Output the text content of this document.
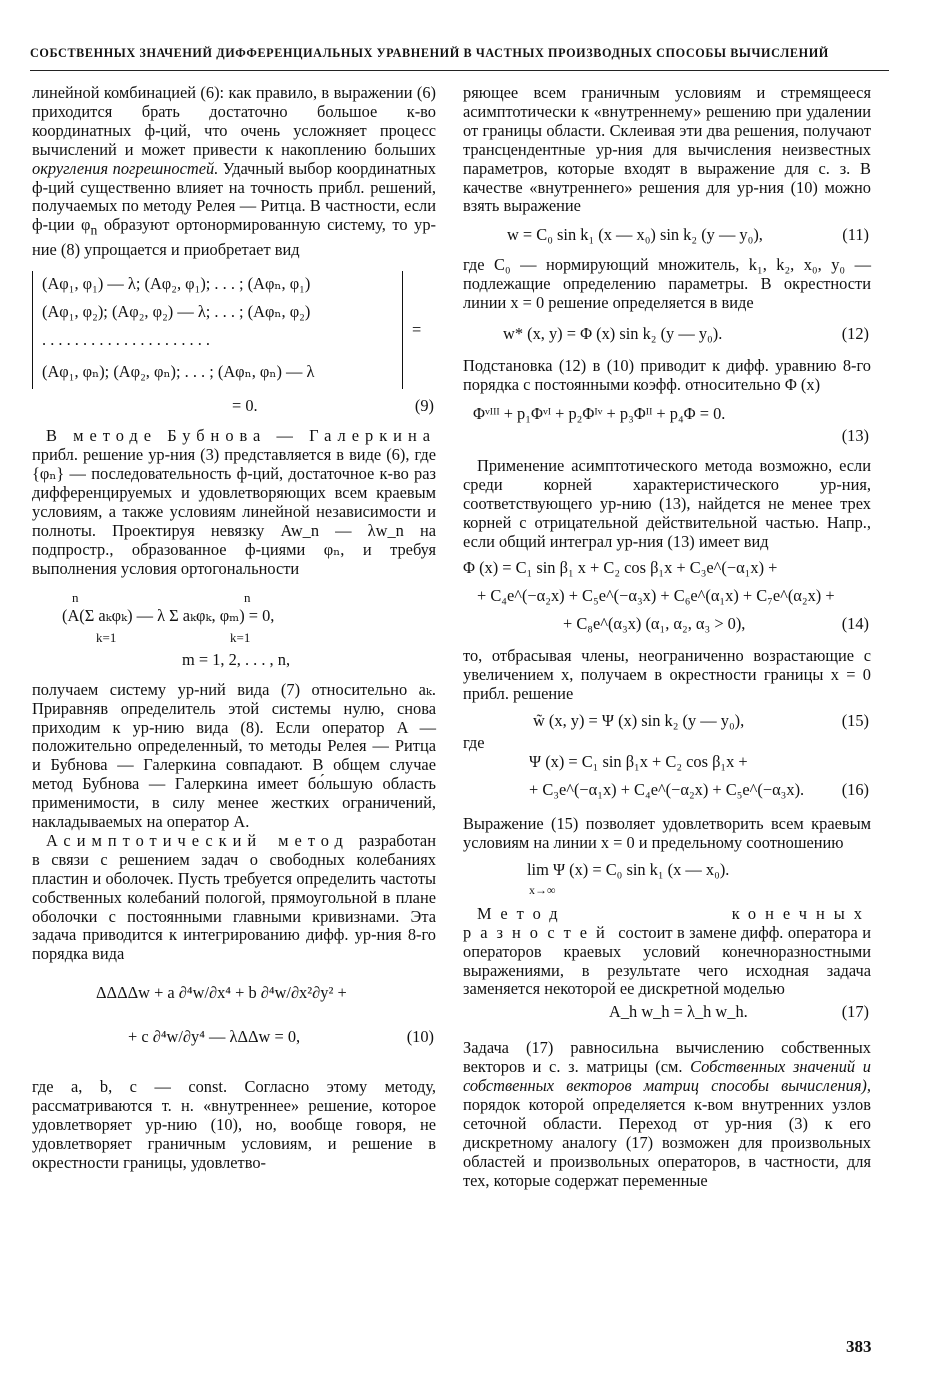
СОБСТВЕННЫХ ЗНАЧЕНИЙ ДИФФЕРЕНЦИАЛЬНЫХ УРАВНЕНИЙ В ЧАСТНЫХ ПРОИЗВОДНЫХ СПОСОБЫ ВЫЧИСЛЕНИЙ

линейной комбинацией (6): как правило, в выражении (6) приходится брать достаточно большое к-во координатных ф-ций, что очень усложняет процесс вычислений и может привести к накоплению больших округления погрешностей. Удачный выбор координатных ф-ций существенно влияет на точность прибл. решений, получаемых по методу Релея — Ритца. В частности, если ф-ции $\varphi_n$ образуют ортонормированную систему, то ур-ние (8) упрощается и приобретает вид

(Aφ₁, φ₁) — λ; (Aφ₂, φ₁); . . . ; (Aφₙ, φ₁)
(Aφ₁, φ₂); (Aφ₂, φ₂) — λ; . . . ; (Aφₙ, φ₂)
. . . . . . . . . . . . . . . . . . . . .
(Aφ₁, φₙ); (Aφ₂, φₙ); . . . ; (Aφₙ, φₙ) — λ
=
= 0.	(9)

В методе Бубнова — Галеркина прибл. решение ур-ния (3) представляется в виде (6), где {φₙ} — последовательность ф-ций, достаточное к-во раз дифференцируемых и удовлетворяющих всем краевым условиям, а также условиям линейной независимости и полноты. Проектируя невязку Aw_n — λw_n на подпростр., образованное ф-циями φₙ, и требуя выполнения условия ортогональности

n	n
(A(Σ aₖφₖ) — λ Σ aₖφₖ, φₘ) = 0,
k=1	k=1
m = 1, 2, . . . , n,

получаем систему ур-ний вида (7) относительно aₖ. Приравняв определитель этой системы нулю, снова приходим к ур-нию вида (8). Если оператор A — положительно определенный, то методы Релея — Ритца и Бубнова — Галеркина совпадают. В общем случае метод Бубнова — Галеркина имеет бо́льшую область применимости, в силу менее жестких ограничений, накладываемых на оператор A.

Асимптотический метод разработан в связи с решением задач о свободных колебаниях пластин и оболочек. Пусть требуется определить частоты собственных колебаний пологой, прямоугольной в плане оболочки с постоянными главными кривизнами. Эта задача приводится к интегрированию дифф. ур-ния 8-го порядка вида

ΔΔΔΔw + a ∂⁴w/∂x⁴ + b ∂⁴w/∂x²∂y² +
+ c ∂⁴w/∂y⁴ — λΔΔw = 0,	(10)

где a, b, c — const. Согласно этому методу, рассматриваются т. н. «внутреннее» решение, которое удовлетворяет ур-нию (10), но, вообще говоря, не удовлетворяет граничным условиям, и решение в окрестности границы, удовлетво-

ряющее всем граничным условиям и стремящееся асимптотически к «внутреннему» решению при удалении от границы области. Склеивая эти два решения, получают трансцендентные ур-ния для вычисления неизвестных параметров, которые входят в выражение для с. з. В качестве «внутреннего» решения для ур-ния (10) можно взять выражение

w = C₀ sin k₁ (x — x₀) sin k₂ (y — y₀),	(11)

где C₀ — нормирующий множитель, k₁, k₂, x₀, y₀ — подлежащие определению параметры. В окрестности линии x = 0 решение определяется в виде

w* (x, y) = Φ (x) sin k₂ (y — y₀).	(12)

Подстановка (12) в (10) приводит к дифф. уравнию 8-го порядка с постоянными коэфф. относительно Φ (x)

Φᵛᴵᴵᴵ + p₁Φᵛᴵ + p₂Φᴵᵛ + p₃Φᴵᴵ + p₄Φ = 0.
(13)

Применение асимптотического метода возможно, если среди корней характеристического ур-ния, соответствующего ур-нию (13), найдется не менее трех корней с отрицательной действительной частью. Напр., если общий интеграл ур-ния (13) имеет вид

Φ (x) = C₁ sin β₁ x + C₂ cos β₁x + C₃e^(−α₁x) +
+ C₄e^(−α₂x) + C₅e^(−α₃x) + C₆e^(α₁x) + C₇e^(α₂x) +
+ C₈e^(α₃x) (α₁, α₂, α₃ > 0),	(14)

то, отбрасывая члены, неограниченно возрастающие с увеличением x, получаем в окрестности границы x = 0 прибл. решение

w̃ (x, y) = Ψ (x) sin k₂ (y — y₀),	(15)

где

Ψ (x) = C₁ sin β₁x + C₂ cos β₁x +
+ C₃e^(−α₁x) + C₄e^(−α₂x) + C₅e^(−α₃x). (16)

Выражение (15) позволяет удовлетворить всем краевым условиям на линии x = 0 и предельному соотношению

lim Ψ (x) = C₀ sin k₁ (x — x₀).
x→∞

Метод конечных разностей состоит в замене дифф. оператора и операторов краевых условий конечноразностными выражениями, в результате чего исходная задача заменяется некоторой ее дискретной моделью

A_h w_h = λ_h w_h.	(17)

Задача (17) равносильна вычислению собственных векторов и с. з. матрицы (см. Собственных значений и собственных векторов матриц способы вычисления), порядок которой определяется к-вом внутренних узлов сеточной области. Переход от ур-ния (3) к его дискретному аналогу (17) возможен для произвольных областей и произвольных операторов, в частности, для тех, которые содержат переменные

383
